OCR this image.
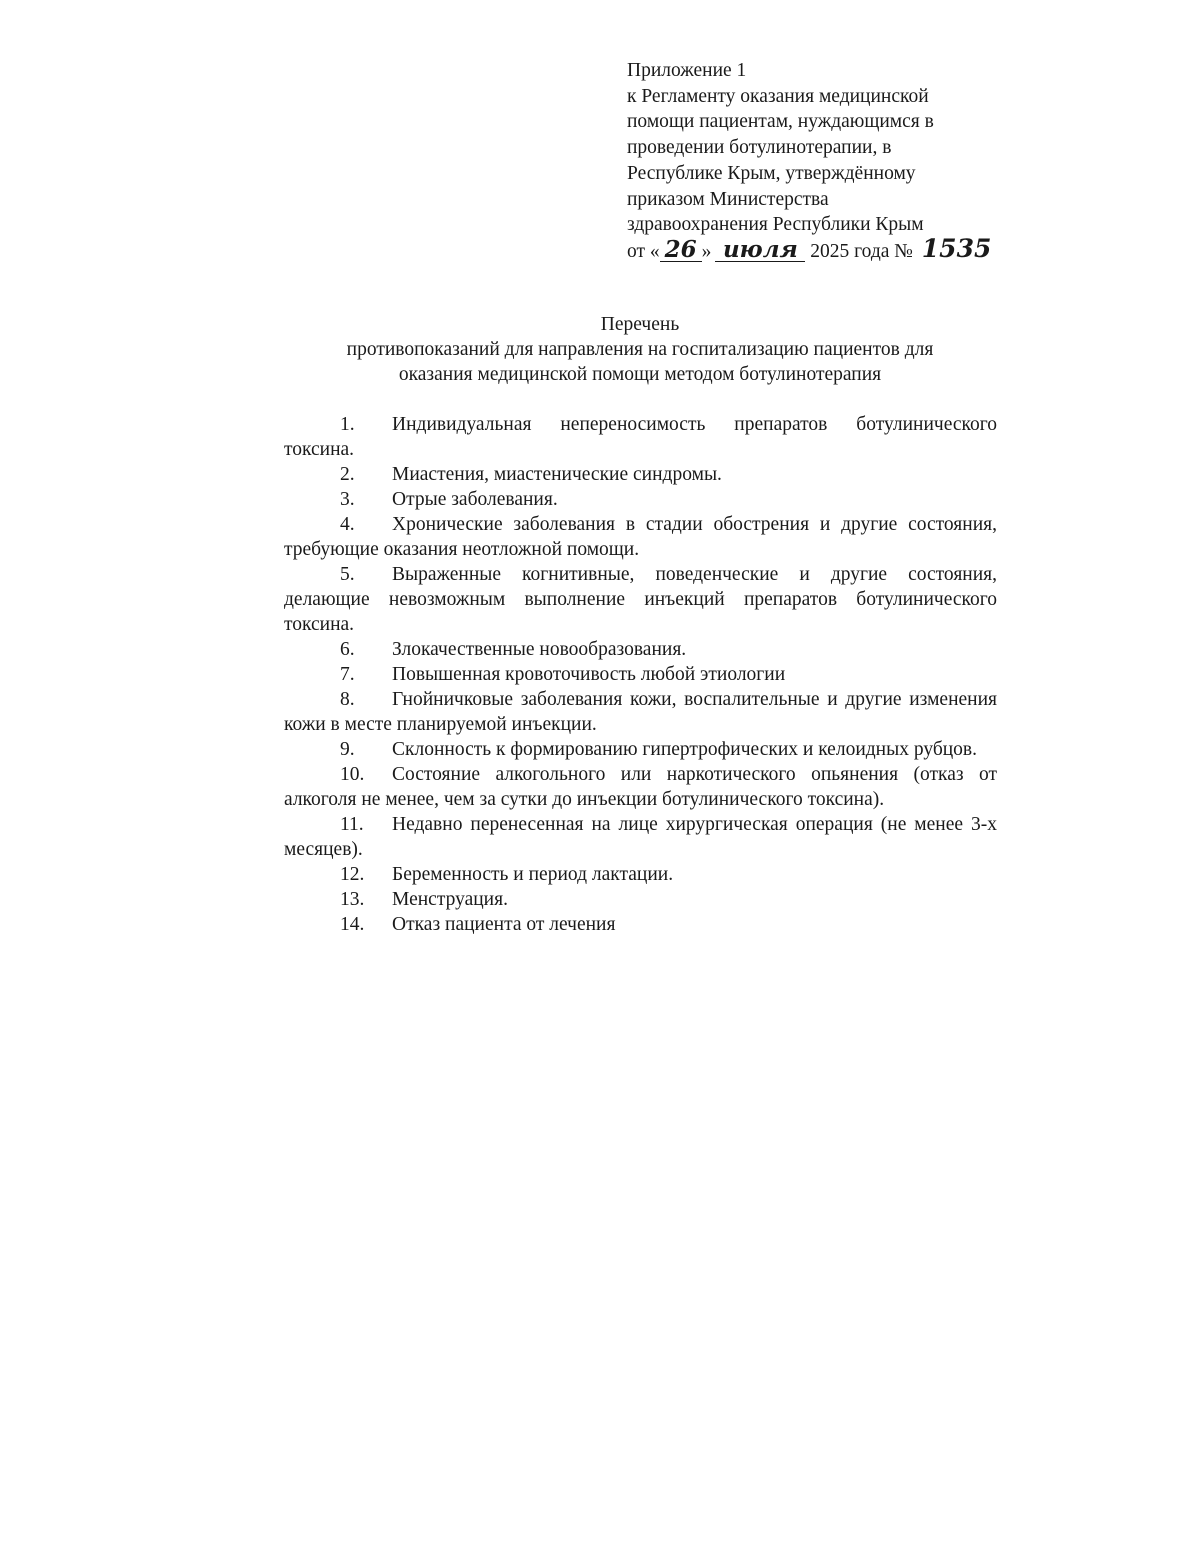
Приложение 1
к Регламенту оказания медицинской
помощи пациентам, нуждающимся в
проведении ботулинотерапии, в
Республике Крым, утверждённому
приказом Министерства
здравоохранения Республики Крым
от « 26 » июля 2025 года № 1535
Перечень
противопоказаний для направления на госпитализацию пациентов для
оказания медицинской помощи методом ботулинотерапия

1. Индивидуальная непереносимость препаратов ботулинического токсина.

2. Миастения, миастенические синдромы.

3. Отрые заболевания.

4. Хронические заболевания в стадии обострения и другие состояния, требующие оказания неотложной помощи.

5. Выраженные когнитивные, поведенческие и другие состояния, делающие невозможным выполнение инъекций препаратов ботулинического токсина.

6. Злокачественные новообразования.

7. Повышенная кровоточивость любой этиологии

8. Гнойничковые заболевания кожи, воспалительные и другие изменения кожи в месте планируемой инъекции.

9. Склонность к формированию гипертрофических и келоидных рубцов.

10. Состояние алкогольного или наркотического опьянения (отказ от алкоголя не менее, чем за сутки до инъекции ботулинического токсина).

11. Недавно перенесенная на лице хирургическая операция (не менее 3-х месяцев).

12. Беременность и период лактации.

13. Менструация.

14. Отказ пациента от лечения
